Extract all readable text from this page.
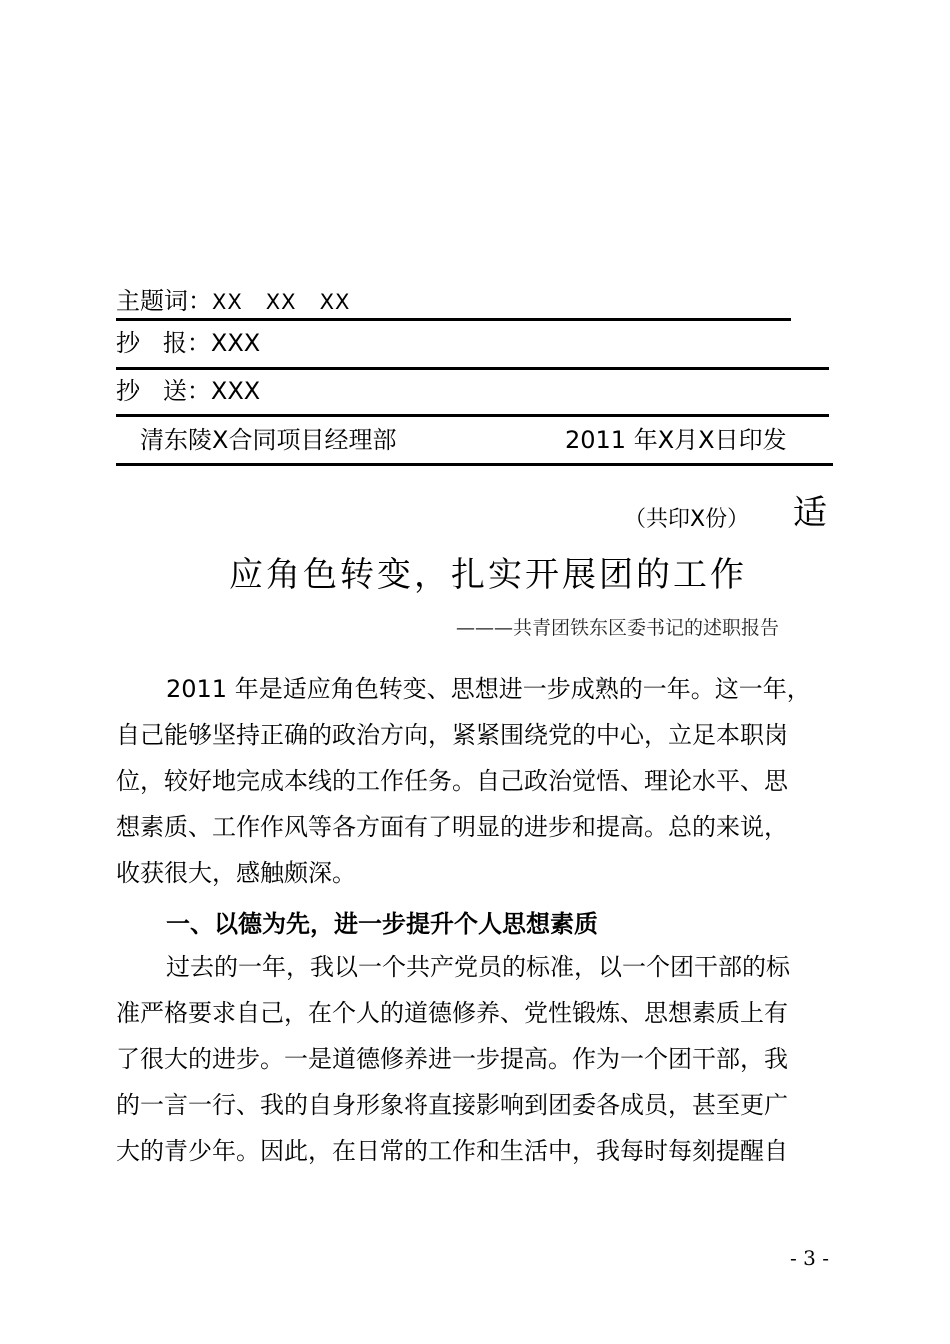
主题词：XX   XX   XX
抄   报：XXX
抄   送：XXX
清东陵Ⅹ合同项目经理部	2011 年Ⅹ月Ⅹ日印发
（共印Ⅹ份） 适
应角色转变，扎实开展团的工作
———共青团铁东区委书记的述职报告
2011 年是适应角色转变、思想进一步成熟的一年。这一年，
自己能够坚持正确的政治方向，紧紧围绕党的中心，立足本职岗
位，较好地完成本线的工作任务。自己政治觉悟、理论水平、思
想素质、工作作风等各方面有了明显的进步和提高。总的来说，
收获很大，感触颇深。
一、以德为先，进一步提升个人思想素质
过去的一年，我以一个共产党员的标准，以一个团干部的标
准严格要求自己，在个人的道德修养、党性锻炼、思想素质上有
了很大的进步。一是道德修养进一步提高。作为一个团干部，我
的一言一行、我的自身形象将直接影响到团委各成员，甚至更广
大的青少年。因此，在日常的工作和生活中，我每时每刻提醒自
- 3 -
